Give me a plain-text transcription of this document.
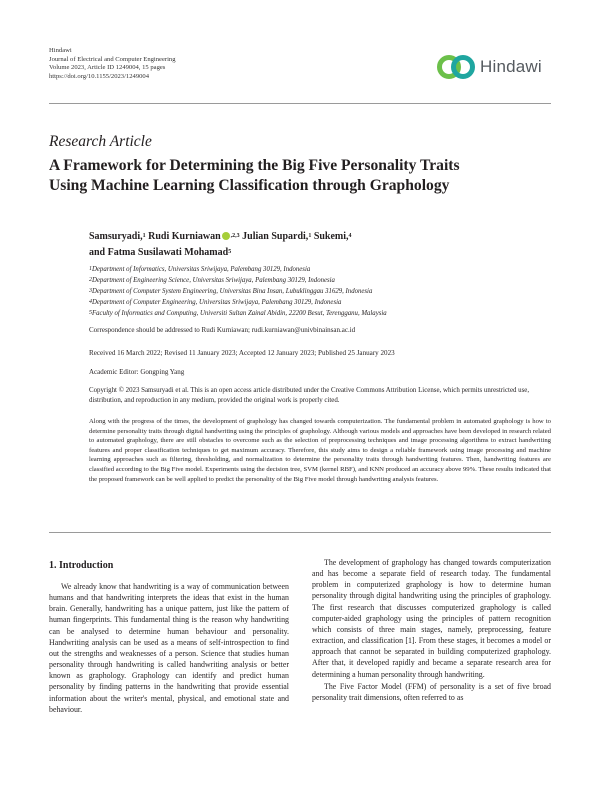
Hindawi
Journal of Electrical and Computer Engineering
Volume 2023, Article ID 1249004, 15 pages
https://doi.org/10.1155/2023/1249004
Hindawi
Research Article
A Framework for Determining the Big Five Personality Traits
Using Machine Learning Classification through Graphology
Samsuryadi,$^1$ Rudi Kurniawan $^{,2,3}$ Julian Supardi,$^1$ Sukemi,$^4$
and Fatma Susilawati Mohamad$^5$
$^1$Department of Informatics, Universitas Sriwijaya, Palembang 30129, Indonesia
$^2$Department of Engineering Science, Universitas Sriwijaya, Palembang 30129, Indonesia
$^3$Department of Computer System Engineering, Universitas Bina Insan, Lubuklinggau 31629, Indonesia
$^4$Department of Computer Engineering, Universitas Sriwijaya, Palembang 30129, Indonesia
$^5$Faculty of Informatics and Computing, Universiti Sultan Zainal Abidin, 22200 Besut, Terengganu, Malaysia
Correspondence should be addressed to Rudi Kurniawan; rudi.kurniawan@univbinainsan.ac.id
Received 16 March 2022; Revised 11 January 2023; Accepted 12 January 2023; Published 25 January 2023
Academic Editor: Gongping Yang
Copyright © 2023 Samsuryadi et al. This is an open access article distributed under the Creative Commons Attribution License, which permits unrestricted use, distribution, and reproduction in any medium, provided the original work is properly cited.
Along with the progress of the times, the development of graphology has changed towards computerization. The fundamental problem in automated graphology is how to determine personality traits through digital handwriting using the principles of graphology. Although various models and approaches have been developed in research related to automated graphology, there are still obstacles to overcome such as the selection of preprocessing techniques and image processing algorithms to extract handwriting features and proper classification techniques to get maximum accuracy. Therefore, this study aims to design a reliable framework using image processing and machine learning approaches such as filtering, thresholding, and normalization to determine the personality traits through handwriting features. Then, handwriting features are classified according to the Big Five model. Experiments using the decision tree, SVM (kernel RBF), and KNN produced an accuracy above 99%. These results indicated that the proposed framework can be well applied to predict the personality of the Big Five model through handwriting analysis features.
1. Introduction

We already know that handwriting is a way of communication between humans and that handwriting interprets the ideas that exist in the human brain. Generally, handwriting has a unique pattern, just like the pattern of human fingerprints. This fundamental thing is the reason why handwriting can be analysed to determine human behaviour and personality. Handwriting analysis can be used as a means of self-introspection to find out the strengths and weaknesses of a person. Science that studies human personality through handwriting is called handwriting analysis or better known as graphology. Graphology can identify and predict human personality by finding patterns in the handwriting that provide essential information about the writer's mental, physical, and emotional state and behaviour.

The development of graphology has changed towards computerization and has become a separate field of research today. The fundamental problem in computerized graphology is how to determine human personality through digital handwriting using the principles of graphology. The first research that discusses computerized graphology is called computer-aided graphology using the principles of pattern recognition which consists of three main stages, namely, preprocessing, feature extraction, and classification [1]. From these stages, it becomes a model or approach that cannot be separated in building computerized graphology. After that, it developed rapidly and became a separate research area for determining a human personality through handwriting.

The Five Factor Model (FFM) of personality is a set of five broad personality trait dimensions, often referred to as
